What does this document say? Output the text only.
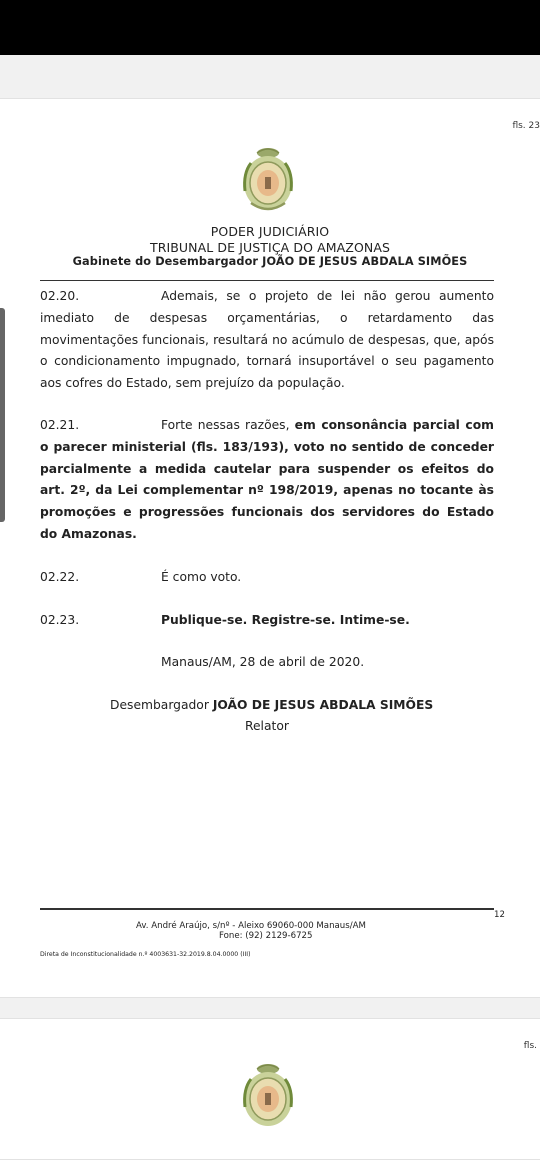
fls. 23
PODER JUDICIÁRIO
TRIBUNAL DE JUSTIÇA DO AMAZONAS
Gabinete do Desembargador JOÃO DE JESUS ABDALA SIMÕES

02.20.	Ademais, se o projeto de lei não gerou aumento imediato de despesas orçamentárias, o retardamento das movimentações funcionais, resultará no acúmulo de despesas, que, após o condicionamento impugnado, tornará insuportável o seu pagamento aos cofres do Estado, sem prejuízo da população.

02.21.	Forte nessas razões, em consonância parcial com o parecer ministerial (fls. 183/193), voto no sentido de conceder parcialmente a medida cautelar para suspender os efeitos do art. 2º, da Lei complementar nº 198/2019, apenas no tocante às promoções e progressões funcionais dos servidores do Estado do Amazonas.

02.22.	É como voto.
02.23.	Publique-se. Registre-se. Intime-se.
Manaus/AM, 28 de abril de 2020.
Desembargador JOÃO DE JESUS ABDALA SIMÕES
Relator
12
Av. André Araújo, s/nº - Aleixo 69060-000 Manaus/AM
Fone: (92) 2129-6725
Direta de Inconstitucionalidade n.º 4003631-32.2019.8.04.0000 (III)
fls.
